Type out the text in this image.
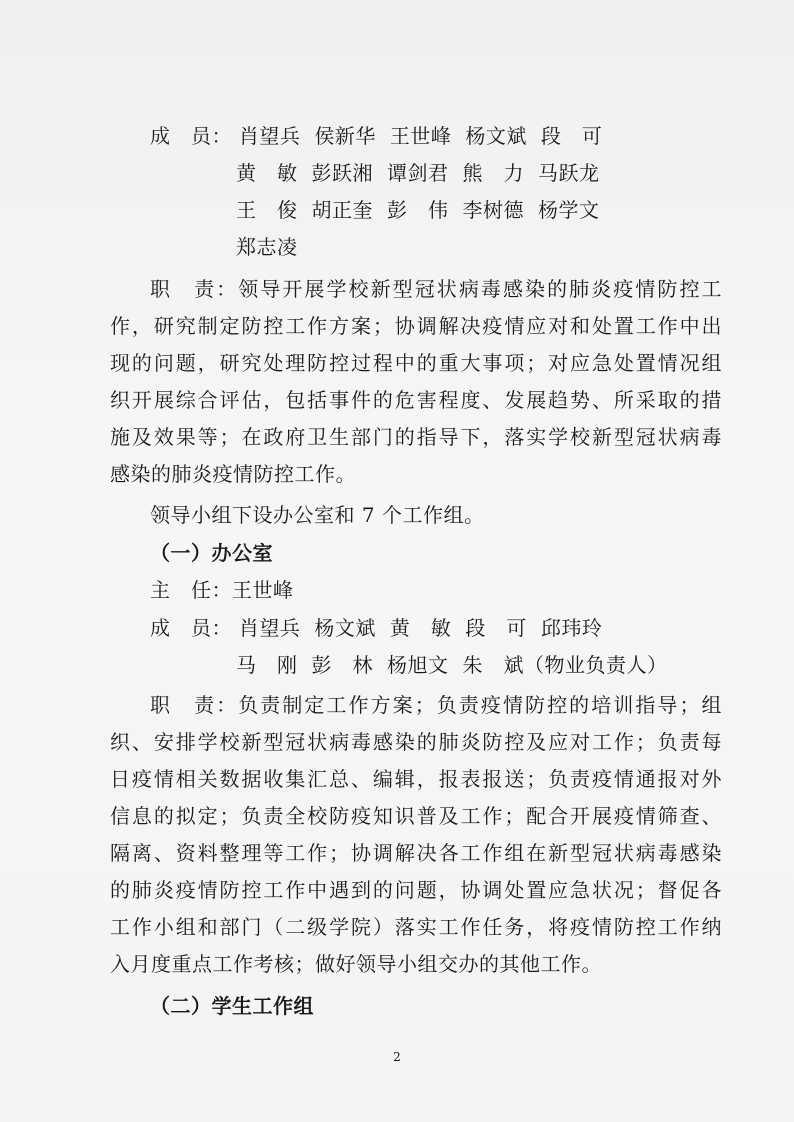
成　员： 肖望兵 侯新华 王世峰 杨文斌 段　可
黄　敏 彭跃湘 谭剑君 熊　力 马跃龙
王　俊 胡正奎 彭　伟 李树德 杨学文
郑志凌
职　责：领导开展学校新型冠状病毒感染的肺炎疫情防控工
作，研究制定防控工作方案；协调解决疫情应对和处置工作中出
现的问题，研究处理防控过程中的重大事项；对应急处置情况组
织开展综合评估，包括事件的危害程度、发展趋势、所采取的措
施及效果等；在政府卫生部门的指导下，落实学校新型冠状病毒
感染的肺炎疫情防控工作。
领导小组下设办公室和 7 个工作组。
（一）办公室
主　任：王世峰
成　员： 肖望兵 杨文斌 黄　敏 段　可 邱玮玲
马　刚 彭　林 杨旭文 朱　斌（物业负责人）
职　责：负责制定工作方案；负责疫情防控的培训指导；组
织、安排学校新型冠状病毒感染的肺炎防控及应对工作；负责每
日疫情相关数据收集汇总、编辑，报表报送；负责疫情通报对外
信息的拟定；负责全校防疫知识普及工作；配合开展疫情筛查、
隔离、资料整理等工作；协调解决各工作组在新型冠状病毒感染
的肺炎疫情防控工作中遇到的问题，协调处置应急状况；督促各
工作小组和部门（二级学院）落实工作任务，将疫情防控工作纳
入月度重点工作考核；做好领导小组交办的其他工作。
（二）学生工作组
2
